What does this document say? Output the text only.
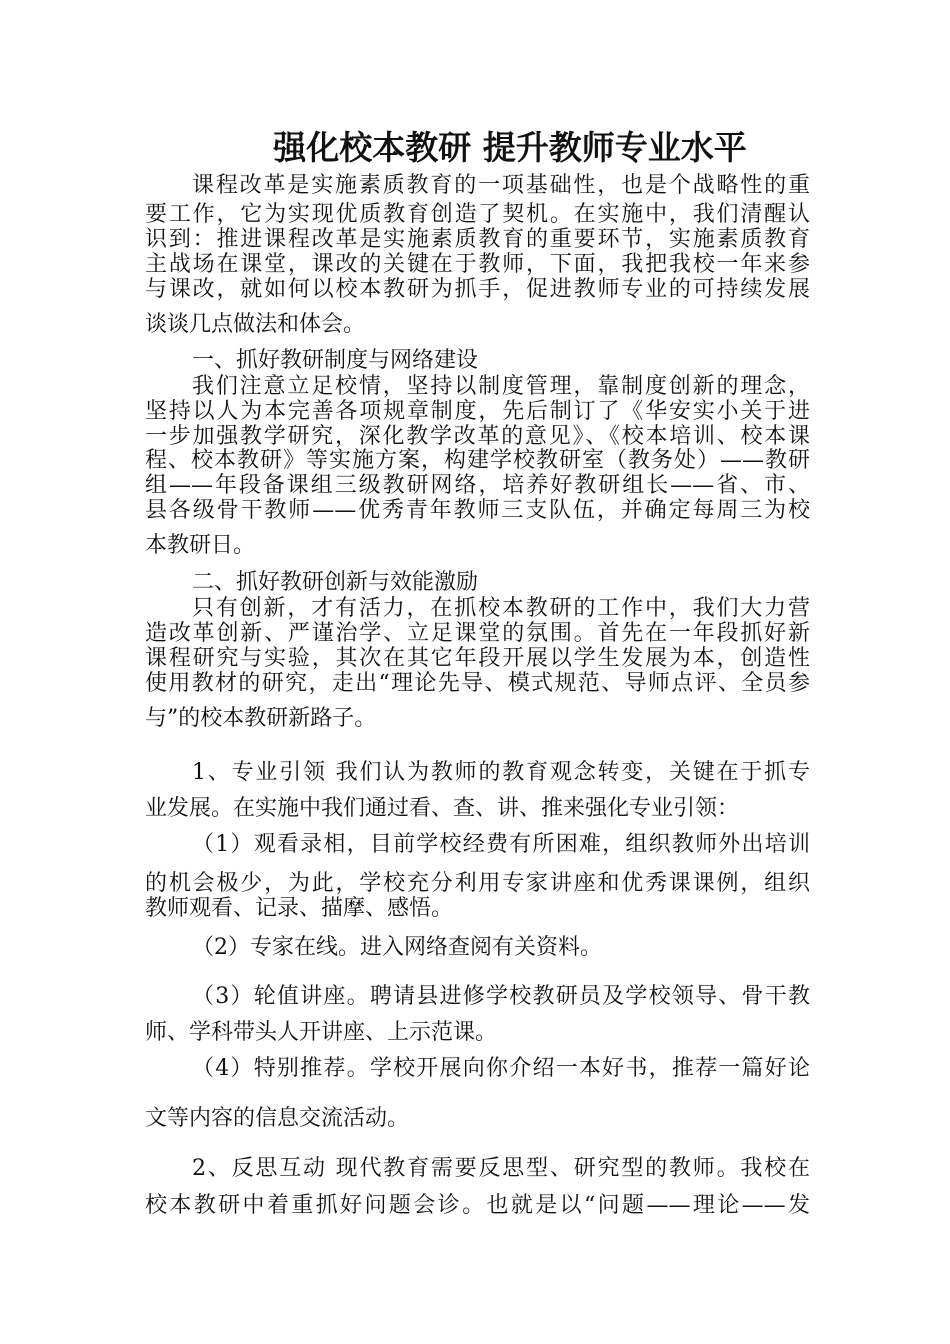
强化校本教研 提升教师专业水平

课程改革是实施素质教育的一项基础性，也是个战略性的重

要工作，它为实现优质教育创造了契机。在实施中，我们清醒认

识到：推进课程改革是实施素质教育的重要环节，实施素质教育

主战场在课堂，课改的关键在于教师，下面，我把我校一年来参

与课改，就如何以校本教研为抓手，促进教师专业的可持续发展

谈谈几点做法和体会。

一、抓好教研制度与网络建设

我们注意立足校情，坚持以制度管理，靠制度创新的理念，

坚持以人为本完善各项规章制度，先后制订了《华安实小关于进

一步加强教学研究，深化教学改革的意见》、《校本培训、校本课

程、校本教研》等实施方案，构建学校教研室（教务处）——教研

组——年段备课组三级教研网络，培养好教研组长——省、市、

县各级骨干教师——优秀青年教师三支队伍，并确定每周三为校

本教研日。

二、抓好教研创新与效能激励

只有创新，才有活力，在抓校本教研的工作中，我们大力营

造改革创新、严谨治学、立足课堂的氛围。首先在一年段抓好新

课程研究与实验，其次在其它年段开展以学生发展为本，创造性

使用教材的研究，走出“理论先导、模式规范、导师点评、全员参

与”的校本教研新路子。

1、专业引领 我们认为教师的教育观念转变，关键在于抓专

业发展。在实施中我们通过看、查、讲、推来强化专业引领：

（1）观看录相，目前学校经费有所困难，组织教师外出培训

的机会极少，为此，学校充分利用专家讲座和优秀课课例，组织

教师观看、记录、描摩、感悟。

（2）专家在线。进入网络查阅有关资料。

（3）轮值讲座。聘请县进修学校教研员及学校领导、骨干教

师、学科带头人开讲座、上示范课。

（4）特别推荐。学校开展向你介绍一本好书，推荐一篇好论

文等内容的信息交流活动。

2、反思互动 现代教育需要反思型、研究型的教师。我校在

校本教研中着重抓好问题会诊。也就是以“问题——理论——发
